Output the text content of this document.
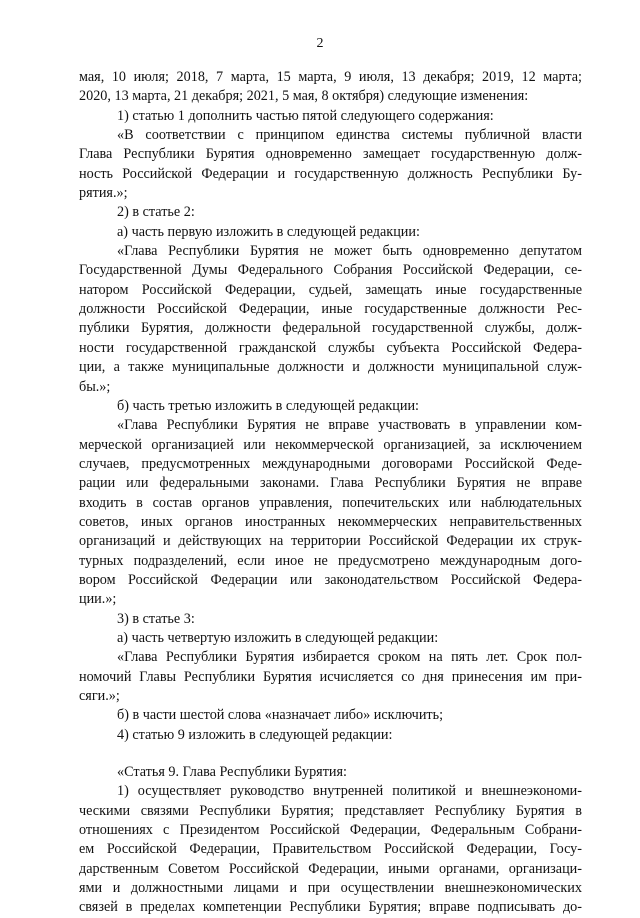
2
мая, 10 июля; 2018, 7 марта, 15 марта, 9 июля, 13 декабря; 2019, 12 марта;
2020, 13 марта, 21 декабря; 2021, 5 мая, 8 октября) следующие изменения:
1) статью 1 дополнить частью пятой следующего содержания:
«В соответствии с принципом единства системы публичной власти
Глава Республики Бурятия одновременно замещает государственную долж-
ность Российской Федерации и государственную должность Республики Бу-
рятия.»;
2) в статье 2:
а) часть первую изложить в следующей редакции:
«Глава Республики Бурятия не может быть одновременно депутатом
Государственной Думы Федерального Собрания Российской Федерации, се-
натором Российской Федерации, судьей, замещать иные государственные
должности Российской Федерации, иные государственные должности Рес-
публики Бурятия, должности федеральной государственной службы, долж-
ности государственной гражданской службы субъекта Российской Федера-
ции, а также муниципальные должности и должности муниципальной служ-
бы.»;
б) часть третью изложить в следующей редакции:
«Глава Республики Бурятия не вправе участвовать в управлении ком-
мерческой организацией или некоммерческой организацией, за исключением
случаев, предусмотренных международными договорами Российской Феде-
рации или федеральными законами. Глава Республики Бурятия не вправе
входить в состав органов управления, попечительских или наблюдательных
советов, иных органов иностранных некоммерческих неправительственных
организаций и действующих на территории Российской Федерации их струк-
турных подразделений, если иное не предусмотрено международным дого-
вором Российской Федерации или законодательством Российской Федера-
ции.»;
3) в статье 3:
а) часть четвертую изложить в следующей редакции:
«Глава Республики Бурятия избирается сроком на пять лет. Срок пол-
номочий Главы Республики Бурятия исчисляется со дня принесения им при-
сяги.»;
б) в части шестой слова «назначает либо» исключить;
4) статью 9 изложить в следующей редакции:
«Статья 9. Глава Республики Бурятия:
1) осуществляет руководство внутренней политикой и внешнеэкономи-
ческими связями Республики Бурятия; представляет Республику Бурятия в
отношениях с Президентом Российской Федерации, Федеральным Собрани-
ем Российской Федерации, Правительством Российской Федерации, Госу-
дарственным Советом Российской Федерации, иными органами, организаци-
ями и должностными лицами и при осуществлении внешнеэкономических
связей в пределах компетенции Республики Бурятия; вправе подписывать до-
